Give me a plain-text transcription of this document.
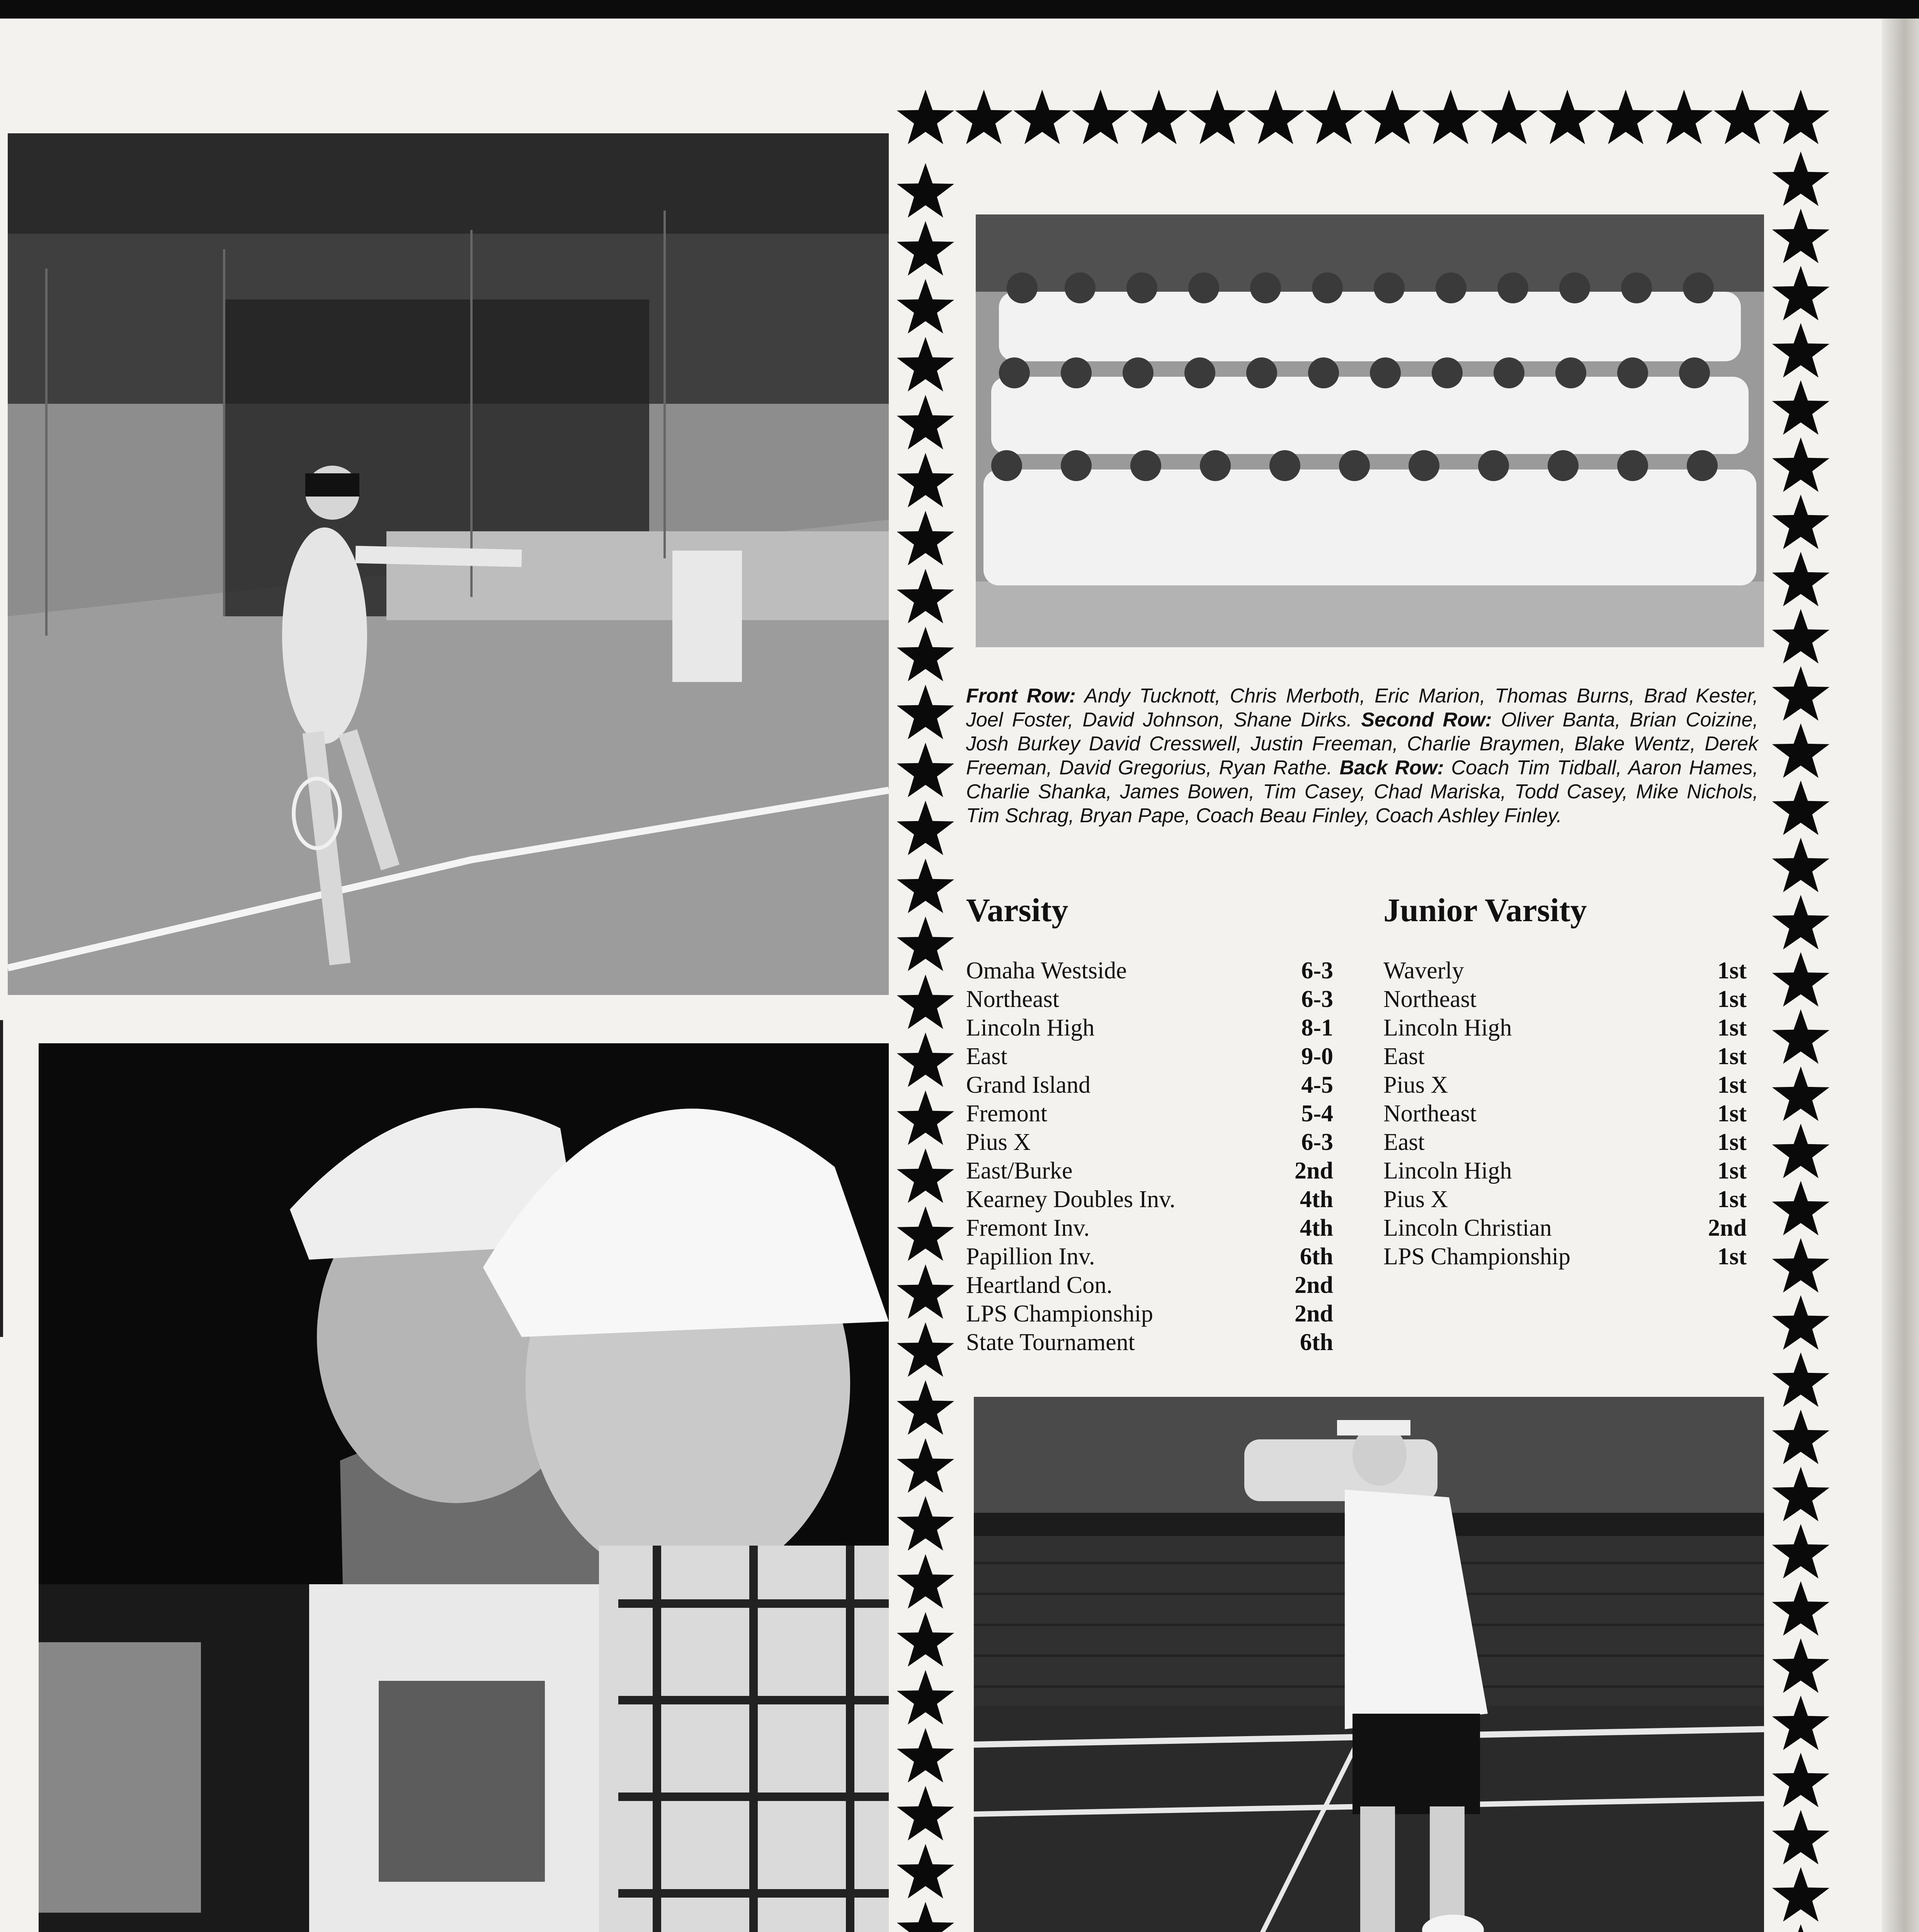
Front Row: Andy Tucknott, Chris Merboth, Eric Marion, Thomas Burns, Brad Kester, Joel Foster, David Johnson, Shane Dirks. Second Row: Oliver Banta, Brian Coizine, Josh Burkey David Cresswell, Justin Freeman, Charlie Braymen, Blake Wentz, Derek Freeman, David Gregorius, Ryan Rathe. Back Row: Coach Tim Tidball, Aaron Hames, Charlie Shanka, James Bowen, Tim Casey, Chad Mariska, Todd Casey, Mike Nichols, Tim Schrag, Bryan Pape, Coach Beau Finley, Coach Ashley Finley.
Varsity
Omaha Westside	6-3
Northeast	6-3
Lincoln High	8-1
East	9-0
Grand Island	4-5
Fremont	5-4
Pius X	6-3
East/Burke	2nd
Kearney Doubles Inv.	4th
Fremont Inv.	4th
Papillion Inv.	6th
Heartland Con.	2nd
LPS Championship	2nd
State Tournament	6th
Junior Varsity
Waverly	1st
Northeast	1st
Lincoln High	1st
East	1st
Pius X	1st
Northeast	1st
East	1st
Lincoln High	1st
Pius X	1st
Lincoln Christian	2nd
LPS Championship	1st
